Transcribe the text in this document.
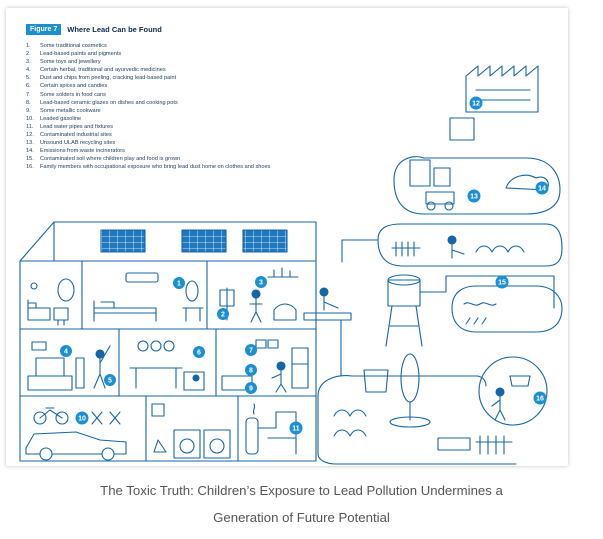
1
2
3
4
5
6	7
8
9
10
11
12
13
14
15
16
Figure 7	Where Lead Can be Found
1.	Some traditional cosmetics
2.	Lead-based paints and pigments
3.	Some toys and jewellery
4.	Certain herbal, traditional and ayurvedic medicines
5.	Dust and chips from peeling, cracking lead-based paint
6.	Certain spices and candies
7.	Some solders in food cans
8.	Lead-based ceramic glazes on dishes and cooking pots
9.	Some metallic cookware
10.	Leaded gasoline
11.	Lead water pipes and fixtures
12.	Contaminated industrial sites
13.	Unsound ULAB recycling sites
14.	Emissions from waste incinerators
15.	Contaminated soil where children play and food is grown
16.	Family members with occupational exposure who bring lead dust home on clothes and shoes
The Toxic Truth: Children’s Exposure to Lead Pollution Undermines a
Generation of Future Potential
